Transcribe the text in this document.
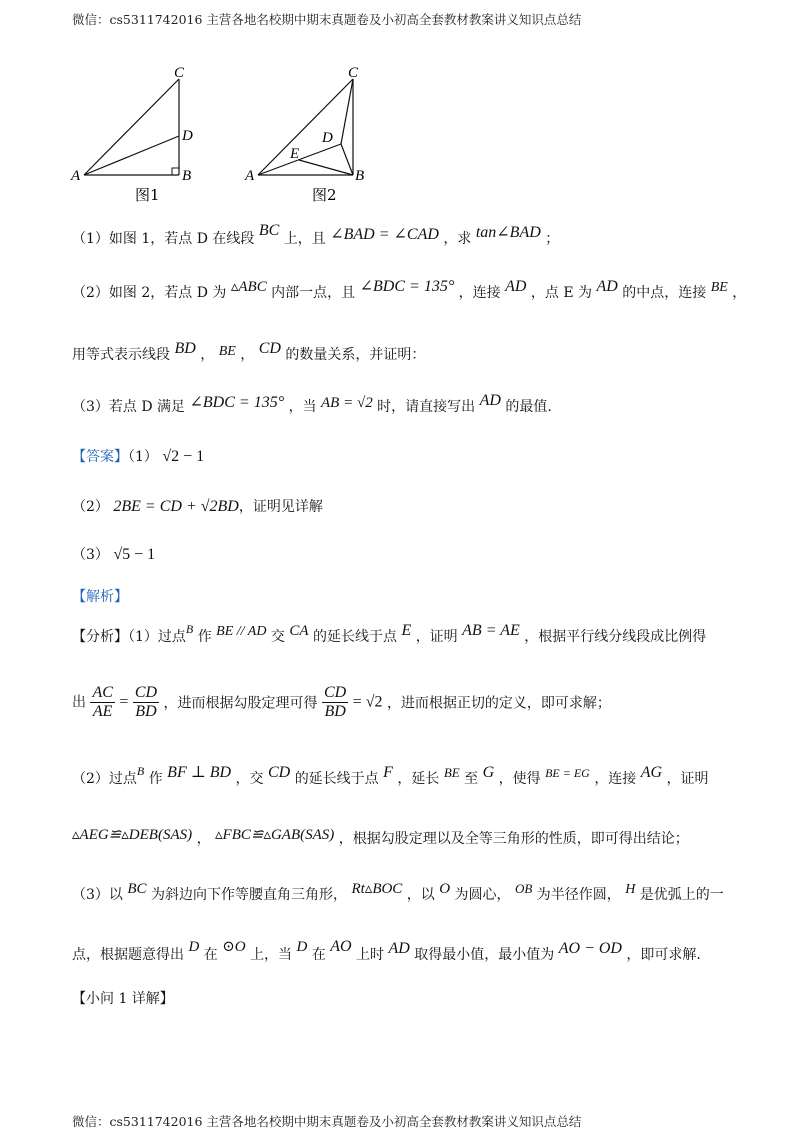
微信：cs5311742016 主营各地名校期中期末真题卷及小初高全套教材教案讲义知识点总结
A	B
C
D
图1
A	B
C
D
E
图2
（1）如图 1，若点 D 在线段 BC 上，且 ∠BAD = ∠CAD ，求 tan∠BAD ；
（2）如图 2，若点 D 为 ▵ABC 内部一点，且 ∠BDC = 135° ，连接 AD ，点 E 为 AD 的中点，连接 BE ，
用等式表示线段 BD ， BE ， CD 的数量关系，并证明：
（3）若点 D 满足 ∠BDC = 135° ，当 AB = √2 时，请直接写出 AD 的最值.
【答案】（1） √2 − 1
（2） 2BE = CD + √2BD，证明见详解
（3） √5 − 1
【解析】
【分析】（1）过点B 作 BE // AD 交 CA 的延长线于点 E ，证明 AB = AE ，根据平行线分线段成比例得
出 $\frac{AC}{AE} = \frac{CD}{BD}$ ，进而根据勾股定理可得 $\frac{CD}{BD} = √2$ ，进而根据正切的定义，即可求解；
（2）过点B 作 BF ⊥ BD ，交 CD 的延长线于点 F ，延长 BE 至 G ，使得 BE = EG ，连接 AG ，证明
▵AEG≌▵DEB(SAS) ， ▵FBC≌▵GAB(SAS) ，根据勾股定理以及全等三角形的性质，即可得出结论；
（3）以 BC 为斜边向下作等腰直角三角形， Rt▵BOC ，以 O 为圆心， OB 为半径作圆， H 是优弧上的一
点，根据题意得出 D 在 ⊙O 上，当 D 在 AO 上时 AD 取得最小值，最小值为 AO − OD ，即可求解.
【小问 1 详解】
微信：cs5311742016 主营各地名校期中期末真题卷及小初高全套教材教案讲义知识点总结
